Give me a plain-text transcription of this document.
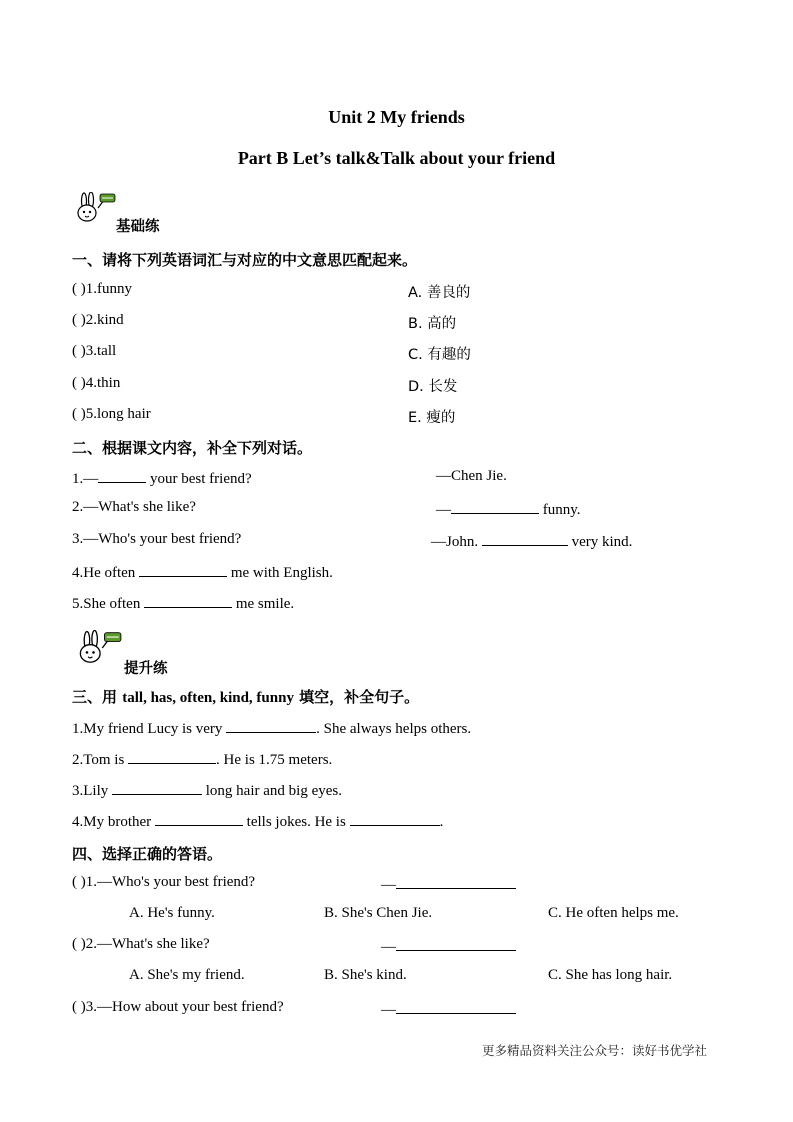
Unit 2 My friends
Part B Let’s talk&Talk about your friend
基础练
一、请将下列英语词汇与对应的中文意思匹配起来。
( )1.funny	A. 善良的
( )2.kind	B. 高的
( )3.tall	C. 有趣的
( )4.thin	D. 长发
( )5.long hair	E. 瘦的
二、根据课文内容，补全下列对话。
1.—	your best friend?	—Chen Jie.
2.—What's she like?	—	funny.
3.—Who's your best friend?	—John.	very kind.
4.He often	me with English.
5.She often	me smile.
提升练
三、用 tall, has, often, kind, funny 填空，补全句子。
1.My friend Lucy is very	. She always helps others.
2.Tom is	. He is 1.75 meters.
3.Lily	long hair and big eyes.
4.My brother	tells jokes. He is	.
四、选择正确的答语。
( )1.—Who's your best friend?	—
A. He's funny.	B. She's Chen Jie.	C. He often helps me.
( )2.—What's she like?	—
A. She's my friend.	B. She's kind.	C. She has long hair.
( )3.—How about your best friend?	—
更多精品资料关注公众号：读好书优学社
